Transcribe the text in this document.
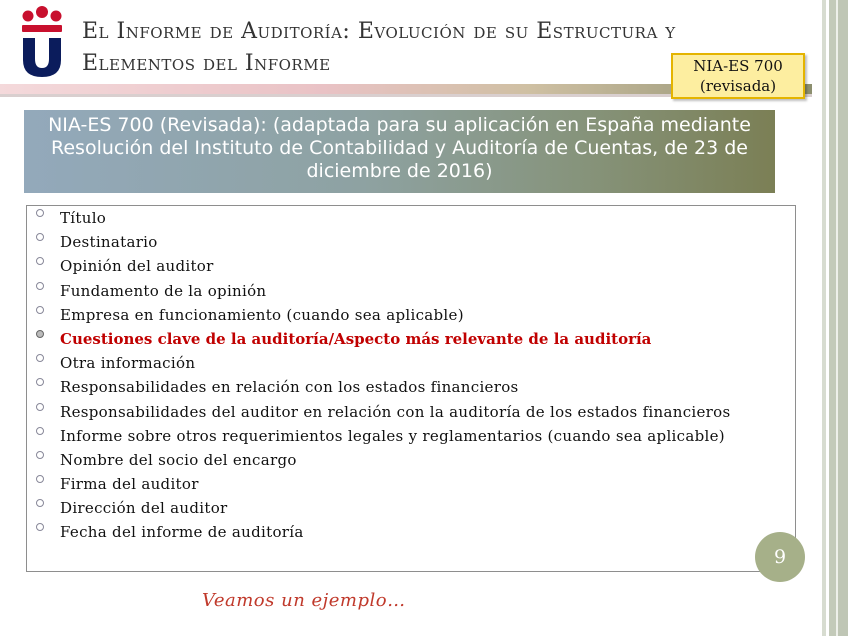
El Informe de Auditoría: Evolución de su Estructura y
Elementos del Informe	NIA-ES 700
(revisada)
NIA-ES 700 (Revisada): (adaptada para su aplicación en España mediante Resolución del Instituto de Contabilidad y Auditoría de Cuentas, de 23 de diciembre de 2016)
Título
Destinatario
Opinión del auditor
Fundamento de la opinión
Empresa en funcionamiento (cuando sea aplicable)
Cuestiones clave de la auditoría/Aspecto más relevante de la auditoría
Otra información
Responsabilidades en relación con los estados financieros
Responsabilidades del auditor en relación con la auditoría de los estados financieros
Informe sobre otros requerimientos legales y reglamentarios (cuando sea aplicable)
Nombre del socio del encargo
Firma del auditor
Dirección del auditor
Fecha del informe de auditoría
9
Veamos un ejemplo…
